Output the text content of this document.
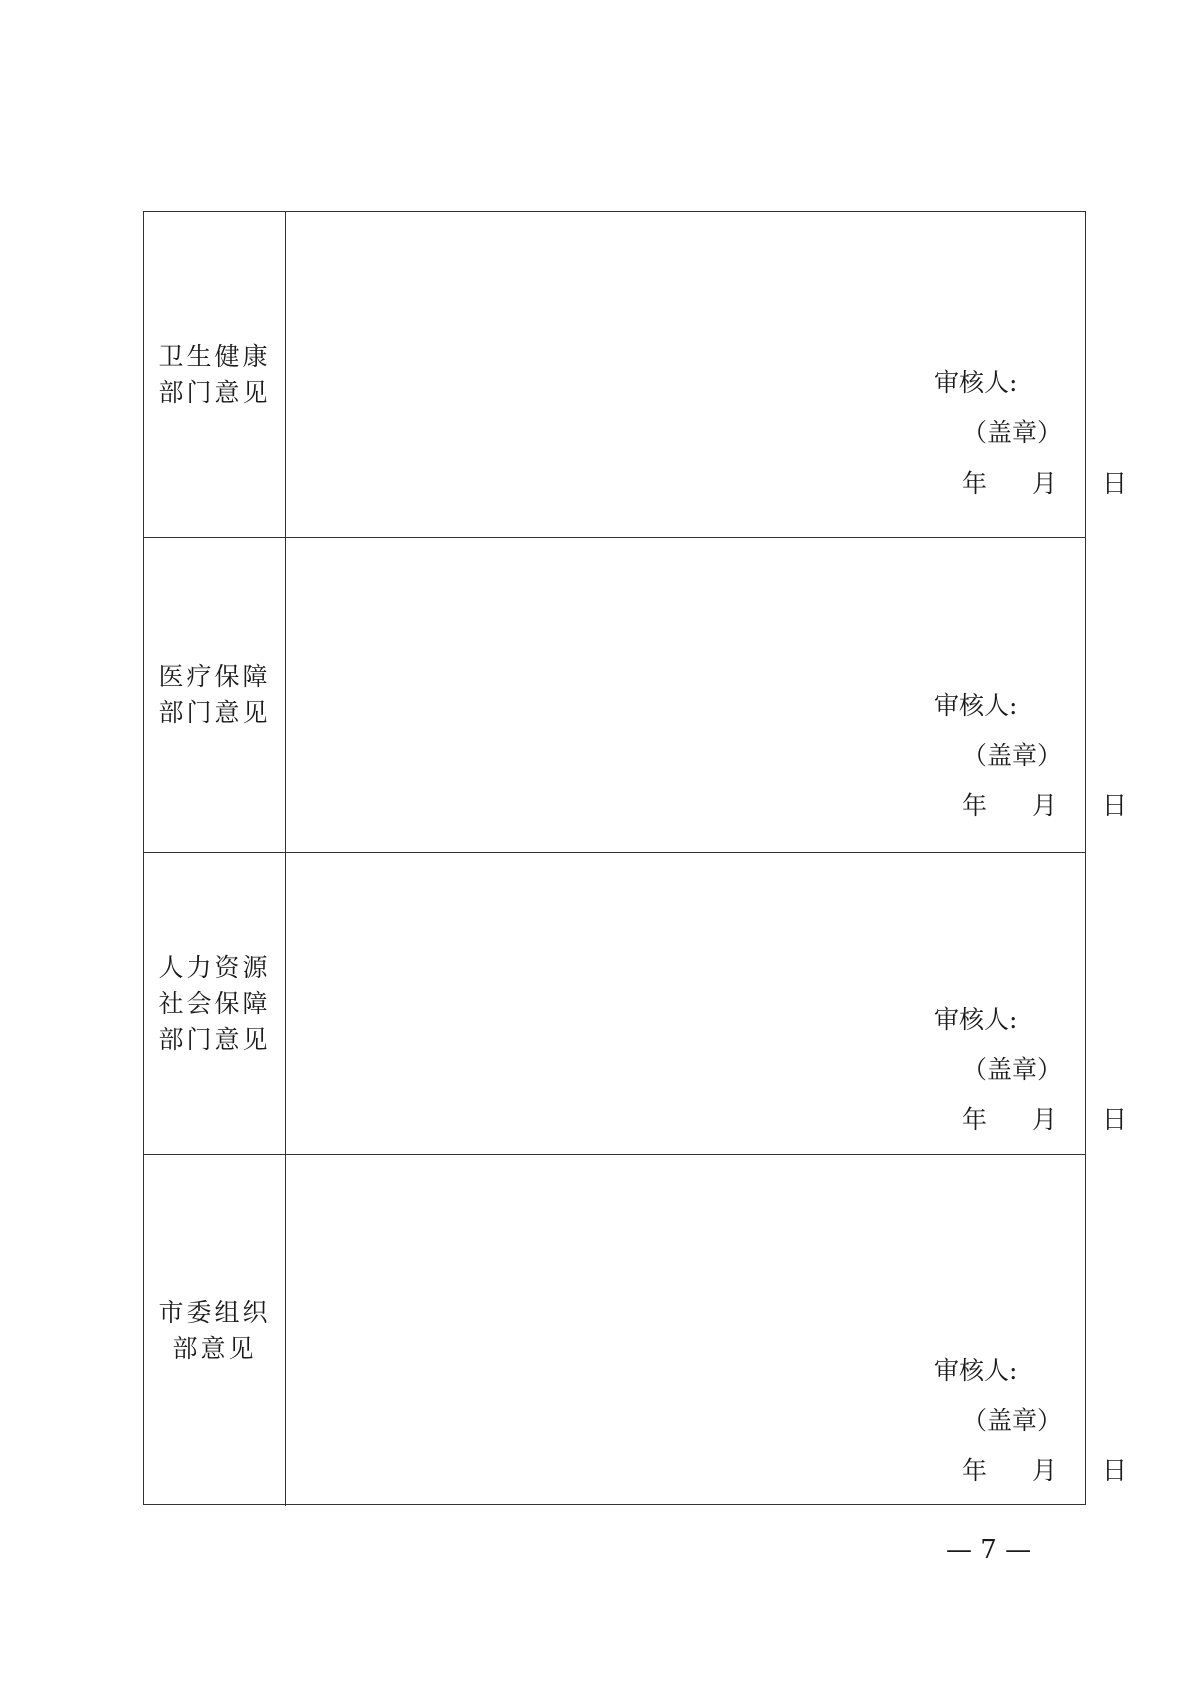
卫生健康
部门意见	审核人:
（盖章）
年 月 日
医疗保障
部门意见	审核人:
（盖章）
年 月 日
人力资源
社会保障
部门意见
审核人:
（盖章）
年 月 日
市委组织
部意见
审核人:
（盖章）
年 月 日
— 7 —
